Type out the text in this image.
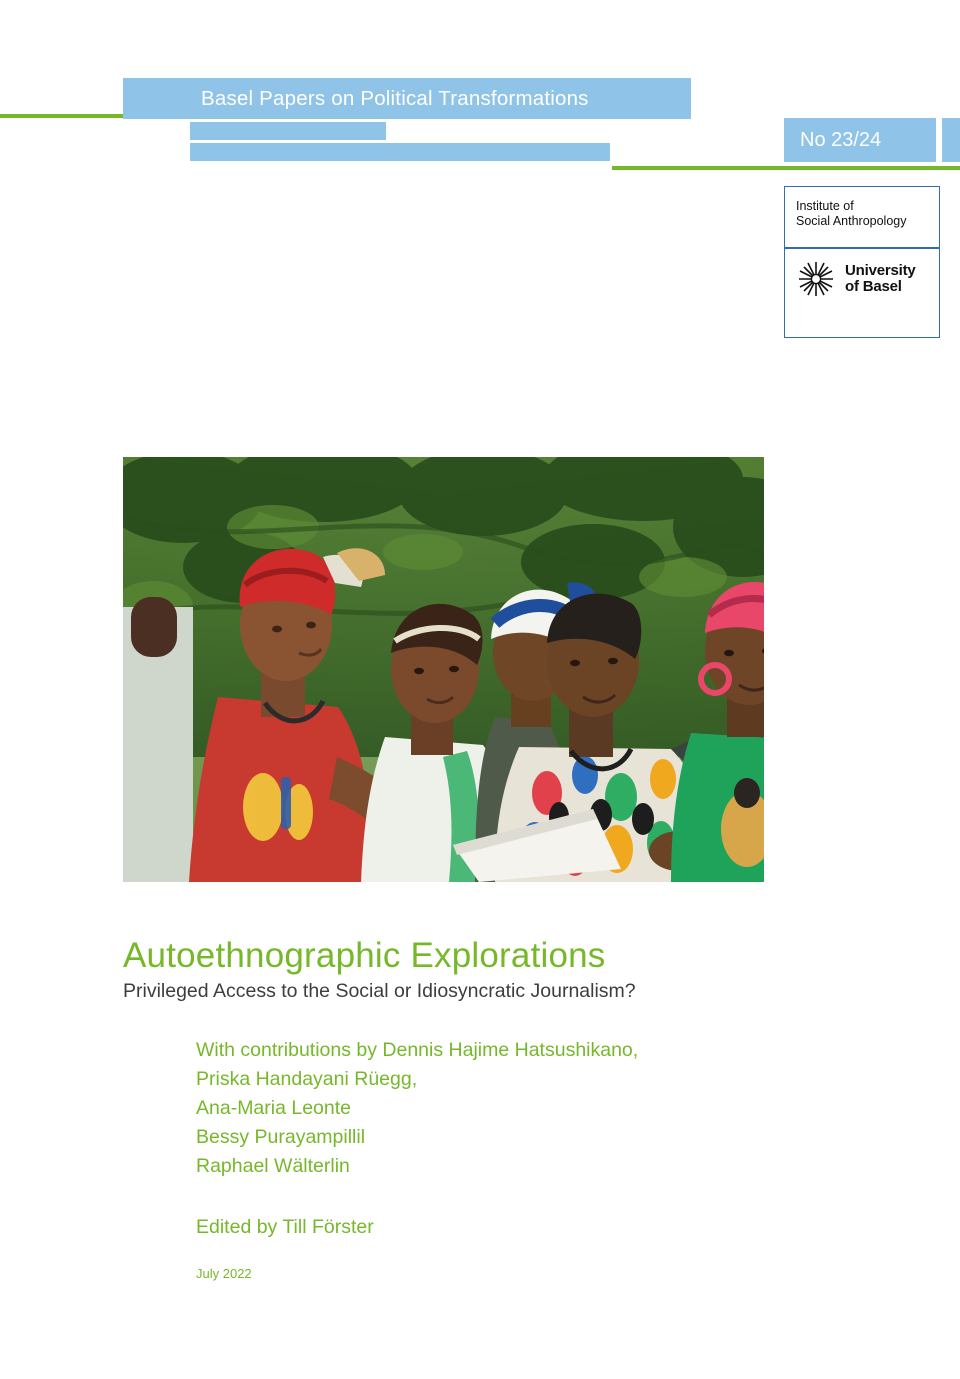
Basel Papers on Political Transformations
No 23/24
Institute of
Social Anthropology
University
of Basel
Autoethnographic Explorations
Privileged Access to the Social or Idiosyncratic Journalism?
With contributions by Dennis Hajime Hatsushikano,
Priska Handayani Rüegg,
Ana-Maria Leonte
Bessy Purayampillil
Raphael Wälterlin
Edited by Till Förster
July 2022
